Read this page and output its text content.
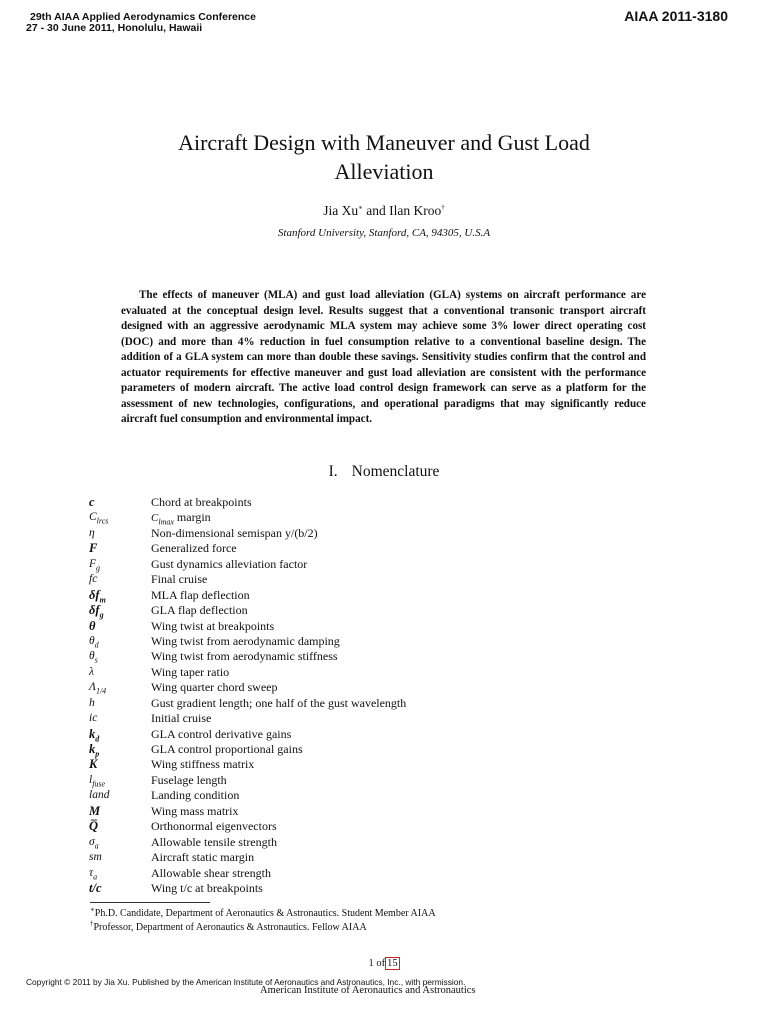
29th AIAA Applied Aerodynamics Conference
27 - 30 June 2011, Honolulu, Hawaii
AIAA 2011-3180
Aircraft Design with Maneuver and Gust Load
Alleviation
Jia Xu∗ and Ilan Kroo†
Stanford University, Stanford, CA, 94305, U.S.A
The effects of maneuver (MLA) and gust load alleviation (GLA) systems on aircraft performance are evaluated at the conceptual design level. Results suggest that a conventional transonic transport aircraft designed with an aggressive aerodynamic MLA system may achieve some 3% lower direct operating cost (DOC) and more than 4% reduction in fuel consumption relative to a conventional baseline design. The addition of a GLA system can more than double these savings. Sensitivity studies confirm that the control and actuator requirements for effective maneuver and gust load alleviation are consistent with the performance parameters of modern aircraft. The active load control design framework can serve as a platform for the assessment of new technologies, configurations, and operational paradigms that may significantly reduce aircraft fuel consumption and environmental impact.
I. Nomenclature
c	Chord at breakpoints
$C_{lrcs}$	$C_{lmax}$ margin
η	Non-dimensional semispan y/(b/2)
F	Generalized force
$F_g$	Gust dynamics alleviation factor
fc	Final cruise
$\delta f_m$	MLA flap deflection
$\delta f_g$	GLA flap deflection
θ	Wing twist at breakpoints
$\theta_d$	Wing twist from aerodynamic damping
$\theta_s$	Wing twist from aerodynamic stiffness
λ	Wing taper ratio
$\Lambda_{1/4}$	Wing quarter chord sweep
h	Gust gradient length; one half of the gust wavelength
ic	Initial cruise
$k_d$	GLA control derivative gains
$k_p$	GLA control proportional gains
K	Wing stiffness matrix
$l_{fuse}$	Fuselage length
land	Landing condition
M	Wing mass matrix
Q̅	Orthonormal eigenvectors
$\sigma_a$	Allowable tensile strength
sm	Aircraft static margin
$\tau_a$	Allowable shear strength
t/c	Wing t/c at breakpoints
∗Ph.D. Candidate, Department of Aeronautics & Astronautics. Student Member AIAA
†Professor, Department of Aeronautics & Astronautics. Fellow AIAA
1 of 15
Copyright © 2011 by Jia Xu. Published by the American Institute of Aeronautics and Astronautics, Inc., with permission.
American Institute of Aeronautics and Astronautics
